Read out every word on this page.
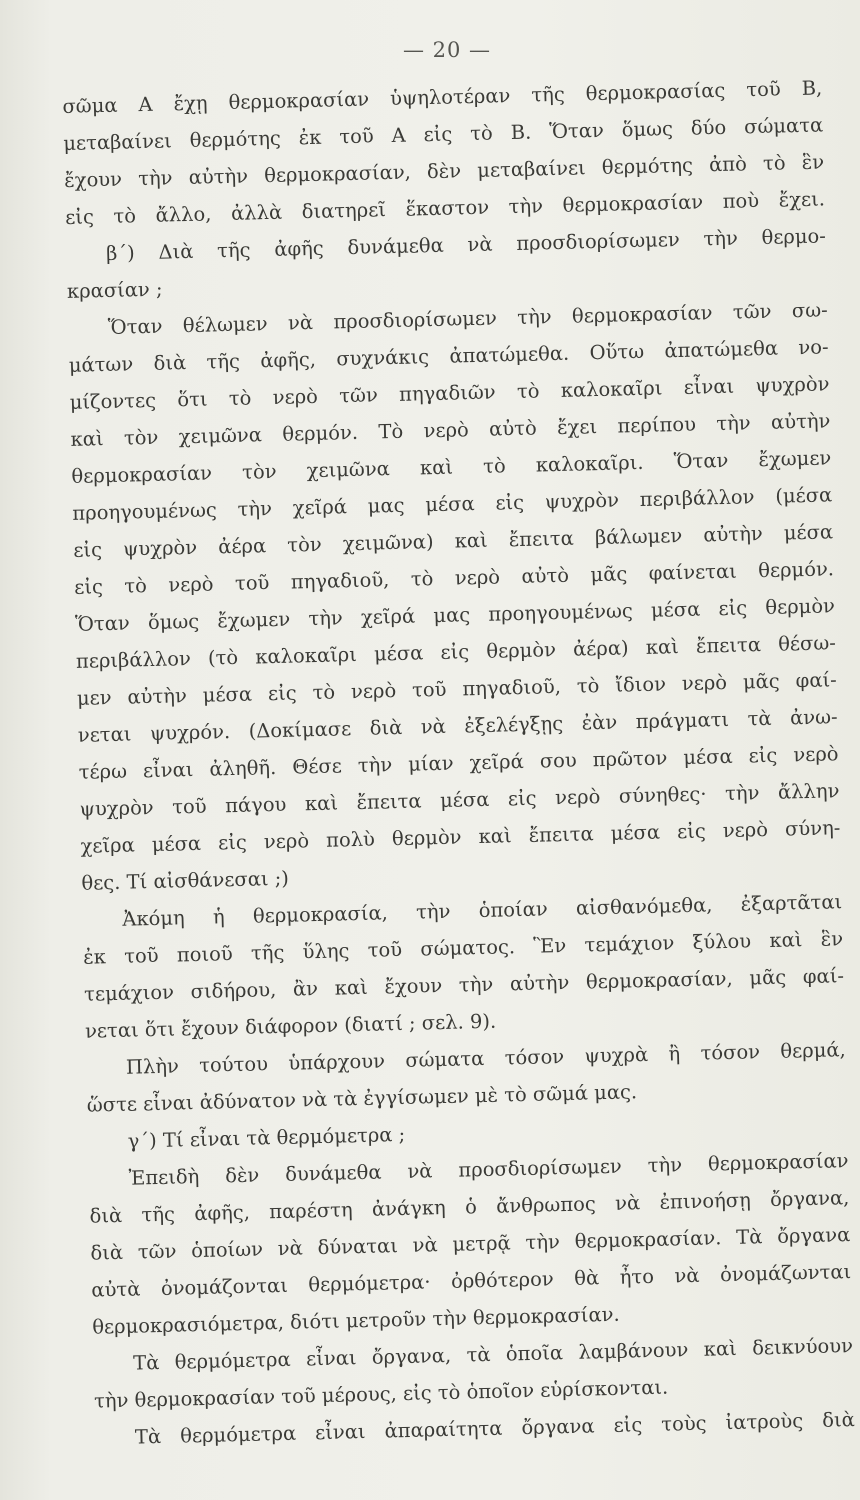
— 20 —
σῶμα Α ἔχῃ θερμοκρασίαν ὑψηλοτέραν τῆς θερμοκρασίας τοῦ Β,
μεταβαίνει θερμότης ἐκ τοῦ Α εἰς τὸ Β. Ὅταν ὅμως δύο σώματα
ἔχουν τὴν αὐτὴν θερμοκρασίαν, δὲν μεταβαίνει θερμότης ἀπὸ τὸ ἓν
εἰς τὸ ἄλλο, ἀλλὰ διατηρεῖ ἕκαστον τὴν θερμοκρασίαν ποὺ ἔχει.
β΄) Διὰ τῆς ἀφῆς δυνάμεθα νὰ προσδιορίσωμεν τὴν θερμο-
κρασίαν ;
Ὅταν θέλωμεν νὰ προσδιορίσωμεν τὴν θερμοκρασίαν τῶν σω-
μάτων διὰ τῆς ἀφῆς, συχνάκις ἀπατώμεθα. Οὕτω ἀπατώμεθα νο-
μίζοντες ὅτι τὸ νερὸ τῶν πηγαδιῶν τὸ καλοκαῖρι εἶναι ψυχρὸν
καὶ τὸν χειμῶνα θερμόν. Τὸ νερὸ αὐτὸ ἔχει περίπου τὴν αὐτὴν
θερμοκρασίαν τὸν χειμῶνα καὶ τὸ καλοκαῖρι. Ὅταν ἔχωμεν
προηγουμένως τὴν χεῖρά μας μέσα εἰς ψυχρὸν περιβάλλον (μέσα
εἰς ψυχρὸν ἀέρα τὸν χειμῶνα) καὶ ἔπειτα βάλωμεν αὐτὴν μέσα
εἰς τὸ νερὸ τοῦ πηγαδιοῦ, τὸ νερὸ αὐτὸ μᾶς φαίνεται θερμόν.
Ὅταν ὅμως ἔχωμεν τὴν χεῖρά μας προηγουμένως μέσα εἰς θερμὸν
περιβάλλον (τὸ καλοκαῖρι μέσα εἰς θερμὸν ἀέρα) καὶ ἔπειτα θέσω-
μεν αὐτὴν μέσα εἰς τὸ νερὸ τοῦ πηγαδιοῦ, τὸ ἴδιον νερὸ μᾶς φαί-
νεται ψυχρόν. (Δοκίμασε διὰ νὰ ἐξελέγξῃς ἐὰν πράγματι τὰ ἀνω-
τέρω εἶναι ἀληθῆ. Θέσε τὴν μίαν χεῖρά σου πρῶτον μέσα εἰς νερὸ
ψυχρὸν τοῦ πάγου καὶ ἔπειτα μέσα εἰς νερὸ σύνηθες· τὴν ἄλλην
χεῖρα μέσα εἰς νερὸ πολὺ θερμὸν καὶ ἔπειτα μέσα εἰς νερὸ σύνη-
θες. Τί αἰσθάνεσαι ;)
Ἀκόμη ἡ θερμοκρασία, τὴν ὁποίαν αἰσθανόμεθα, ἐξαρτᾶται
ἐκ τοῦ ποιοῦ τῆς ὕλης τοῦ σώματος. Ἓν τεμάχιον ξύλου καὶ ἓν
τεμάχιον σιδήρου, ἂν καὶ ἔχουν τὴν αὐτὴν θερμοκρασίαν, μᾶς φαί-
νεται ὅτι ἔχουν διάφορον (διατί ; σελ. 9).
Πλὴν τούτου ὑπάρχουν σώματα τόσον ψυχρὰ ἢ τόσον θερμά,
ὥστε εἶναι ἀδύνατον νὰ τὰ ἐγγίσωμεν μὲ τὸ σῶμά μας.
γ΄) Τί εἶναι τὰ θερμόμετρα ;
Ἐπειδὴ δὲν δυνάμεθα νὰ προσδιορίσωμεν τὴν θερμοκρασίαν
διὰ τῆς ἀφῆς, παρέστη ἀνάγκη ὁ ἄνθρωπος νὰ ἐπινοήσῃ ὄργανα,
διὰ τῶν ὁποίων νὰ δύναται νὰ μετρᾷ τὴν θερμοκρασίαν. Τὰ ὄργανα
αὐτὰ ὀνομάζονται θερμόμετρα· ὀρθότερον θὰ ἦτο νὰ ὀνομάζωνται
θερμοκρασιόμετρα, διότι μετροῦν τὴν θερμοκρασίαν.
Τὰ θερμόμετρα εἶναι ὄργανα, τὰ ὁποῖα λαμβάνουν καὶ δεικνύουν
τὴν θερμοκρασίαν τοῦ μέρους, εἰς τὸ ὁποῖον εὑρίσκονται.
Τὰ θερμόμετρα εἶναι ἀπαραίτητα ὄργανα εἰς τοὺς ἰατροὺς διὰ
